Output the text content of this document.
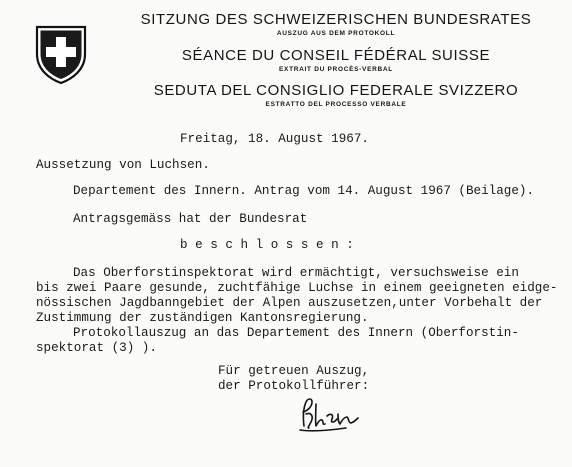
SITZUNG DES SCHWEIZERISCHEN BUNDESRATES
AUSZUG AUS DEM PROTOKOLL
SÉANCE DU CONSEIL FÉDÉRAL SUISSE
EXTRAIT DU PROCÈS-VERBAL
SEDUTA DEL CONSIGLIO FEDERALE SVIZZERO
ESTRATTO DEL PROCESSO VERBALE
Freitag, 18. August 1967.
Aussetzung von Luchsen.
Departement des Innern. Antrag vom 14. August 1967 (Beilage).
Antragsgemäss hat der Bundesrat
b e s c h l o s s e n :
Das Oberforstinspektorat wird ermächtigt, versuchsweise ein
bis zwei Paare gesunde, zuchtfähige Luchse in einem geeigneten eidge-
nössischen Jagdbanngebiet der Alpen auszusetzen,unter Vorbehalt der
Zustimmung der zuständigen Kantonsregierung.
Protokollauszug an das Departement des Innern (Oberforstin-
spektorat (3) ).
Für getreuen Auszug,
der Protokollführer:
